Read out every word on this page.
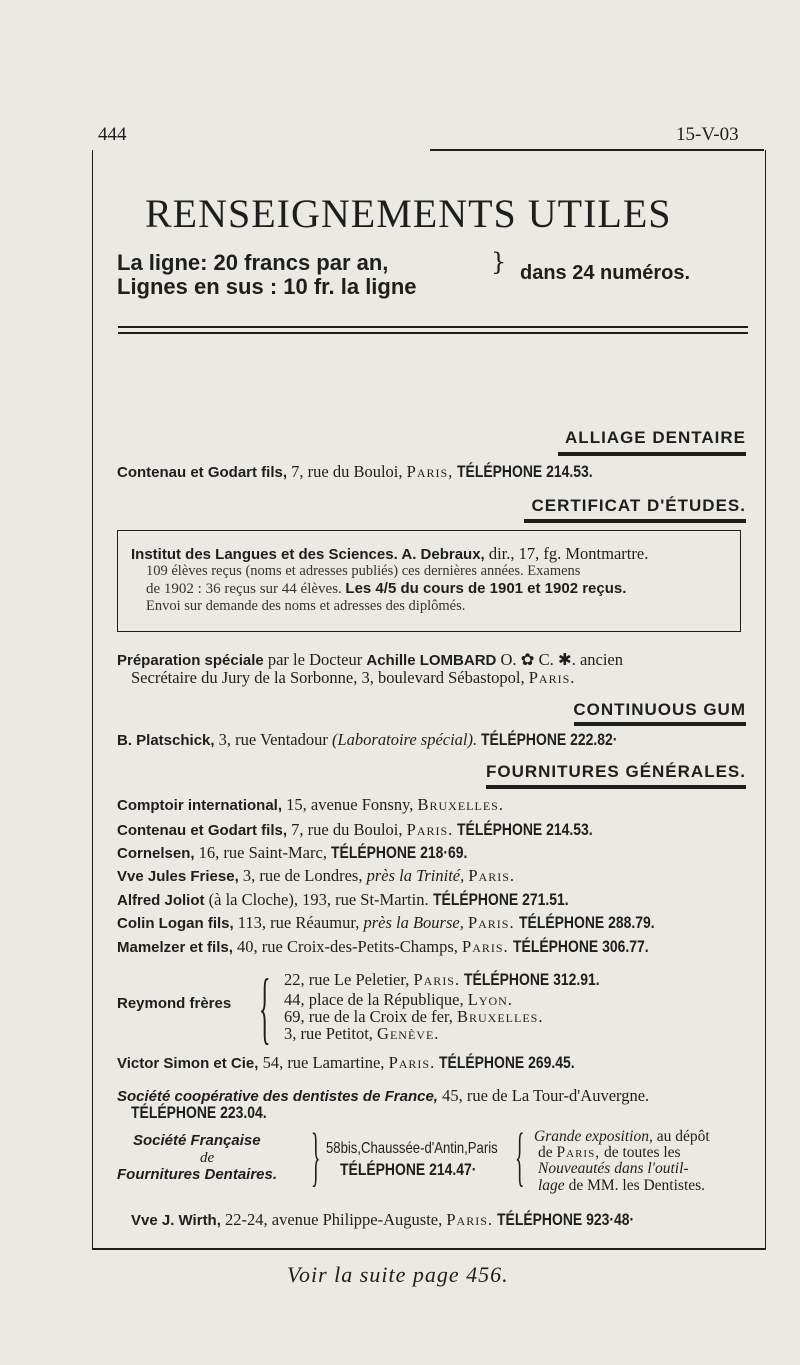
444	15-V-03
RENSEIGNEMENTS UTILES
La ligne: 20 francs par an,
Lignes en sus : 10 fr. la ligne
} dans 24 numéros.
ALLIAGE DENTAIRE
Contenau et Godart fils, 7, rue du Bouloi, Paris, TÉLÉPHONE 214.53.
CERTIFICAT D'ÉTUDES.
Institut des Langues et des Sciences. A. Debraux, dir., 17, fg. Montmartre.
109 élèves reçus (noms et adresses publiés) ces dernières années. Examens
de 1902 : 36 reçus sur 44 élèves. Les 4/5 du cours de 1901 et 1902 reçus.
Envoi sur demande des noms et adresses des diplômés.
Préparation spéciale par le Docteur Achille LOMBARD O. ✿ C. ✱. ancien
Secrétaire du Jury de la Sorbonne, 3, boulevard Sébastopol, Paris.
CONTINUOUS GUM
B. Platschick, 3, rue Ventadour (Laboratoire spécial). TÉLÉPHONE 222.82·
FOURNITURES GÉNÉRALES.
Comptoir international, 15, avenue Fonsny, Bruxelles.
Contenau et Godart fils, 7, rue du Bouloi, Paris. TÉLÉPHONE 214.53.
Cornelsen, 16, rue Saint-Marc, TÉLÉPHONE 218·69.
Vve Jules Friese, 3, rue de Londres, près la Trinité, Paris.
Alfred Joliot (à la Cloche), 193, rue St-Martin. TÉLÉPHONE 271.51.
Colin Logan fils, 113, rue Réaumur, près la Bourse, Paris. TÉLÉPHONE 288.79.
Mamelzer et fils, 40, rue Croix-des-Petits-Champs, Paris. TÉLÉPHONE 306.77.
Reymond frères { 22, rue Le Peletier, Paris. TÉLÉPHONE 312.91.
44, place de la République, Lyon.
69, rue de la Croix de fer, Bruxelles.
3, rue Petitot, Genève.
Victor Simon et Cie, 54, rue Lamartine, Paris. TÉLÉPHONE 269.45.
Société coopérative des dentistes de France, 45, rue de La Tour-d'Auvergne.
TÉLÉPHONE 223.04.
Société Française
de
Fournitures Dentaires. } 58bis,Chaussée-d'Antin,Paris
TÉLÉPHONE 214.47· { Grande exposition, au dépôt
de Paris, de toutes les
Nouveautés dans l'outil-
lage de MM. les Dentistes.
Vve J. Wirth, 22-24, avenue Philippe-Auguste, Paris. TÉLÉPHONE 923·48·
Voir la suite page 456.
